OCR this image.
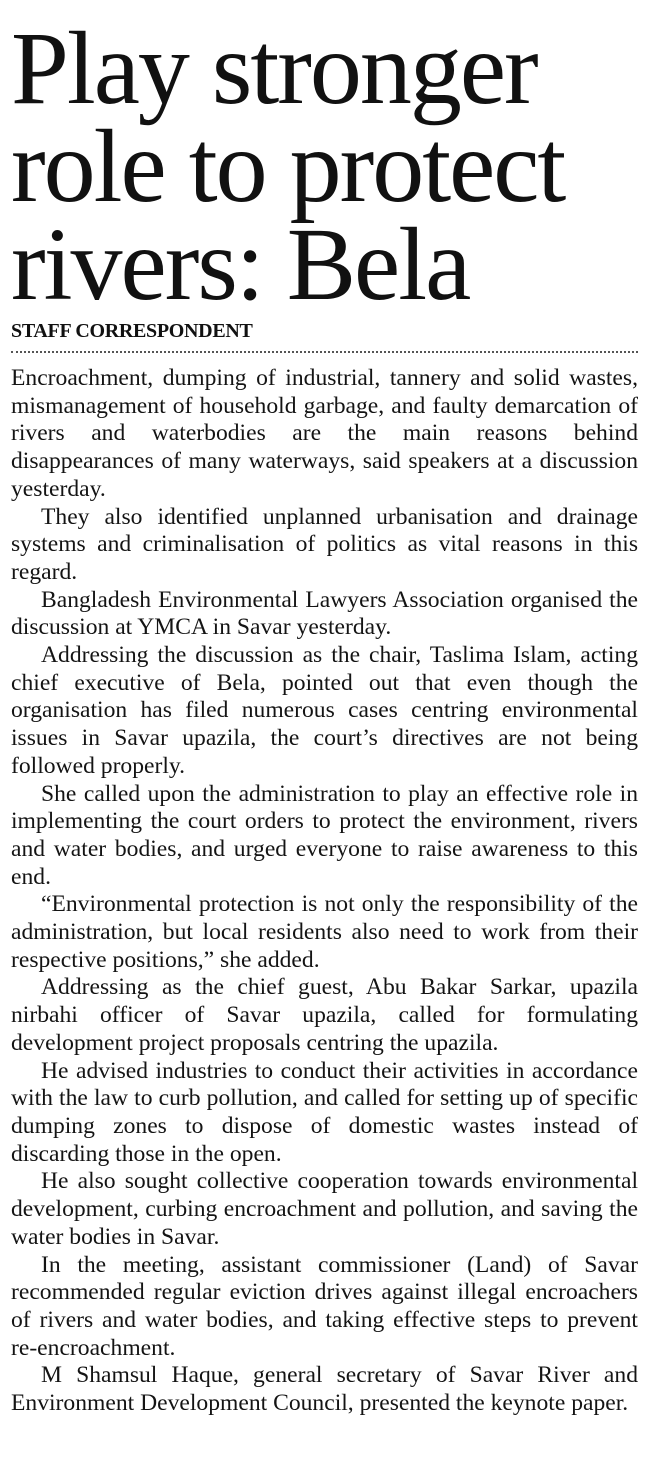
Play stronger
role to protect
rivers: Bela
STAFF CORRESPONDENT

Encroachment, dumping of industrial, tannery and solid wastes, mismanagement of household garbage, and faulty demarcation of rivers and waterbodies are the main reasons behind disappearances of many waterways, said speakers at a discussion yesterday.

They also identified unplanned urbanisation and drainage systems and criminalisation of politics as vital reasons in this regard.

Bangladesh Environmental Lawyers Association organised the discussion at YMCA in Savar yesterday.

Addressing the discussion as the chair, Taslima Islam, acting chief executive of Bela, pointed out that even though the organisation has filed numerous cases centring environmental issues in Savar upazila, the court’s directives are not being followed properly.

She called upon the administration to play an effective role in implementing the court orders to protect the environment, rivers and water bodies, and urged everyone to raise awareness to this end.

“Environmental protection is not only the responsibility of the administration, but local residents also need to work from their respective positions,” she added.

Addressing as the chief guest, Abu Bakar Sarkar, upazila nirbahi officer of Savar upazila, called for formulating development project proposals centring the upazila.

He advised industries to conduct their activities in accordance with the law to curb pollution, and called for setting up of specific dumping zones to dispose of domestic wastes instead of discarding those in the open.

He also sought collective cooperation towards environmental development, curbing encroachment and pollution, and saving the water bodies in Savar.

In the meeting, assistant commissioner (Land) of Savar recommended regular eviction drives against illegal encroachers of rivers and water bodies, and taking effective steps to prevent re-encroachment.

M Shamsul Haque, general secretary of Savar River and Environment Development Council, presented the keynote paper.
